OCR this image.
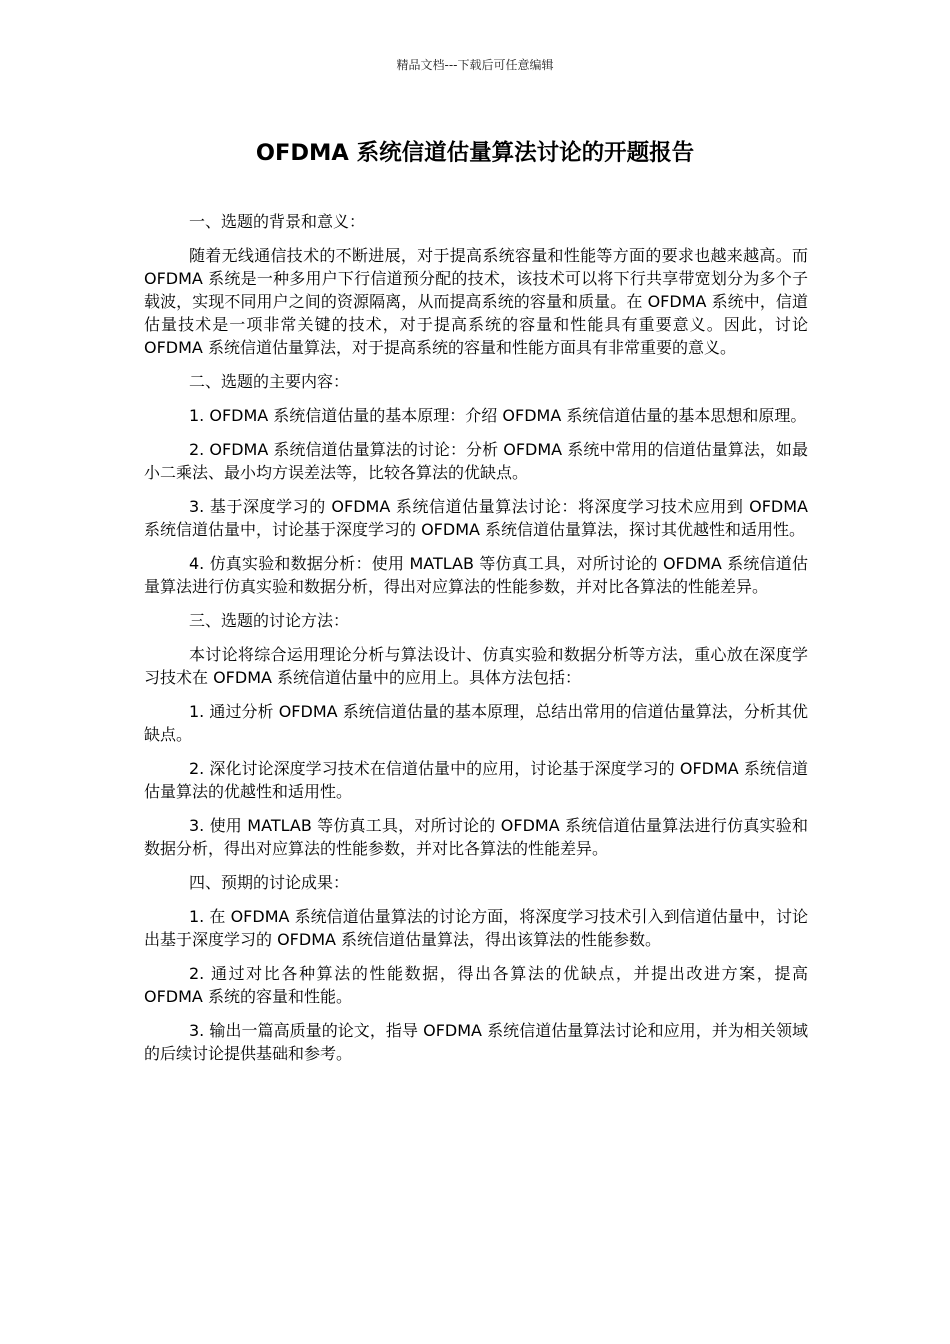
精品文档---下载后可任意编辑
OFDMA 系统信道估量算法讨论的开题报告

一、选题的背景和意义：

随着无线通信技术的不断进展，对于提高系统容量和性能等方面的要求也越来越高。而 OFDMA 系统是一种多用户下行信道预分配的技术，该技术可以将下行共享带宽划分为多个子载波，实现不同用户之间的资源隔离，从而提高系统的容量和质量。在 OFDMA 系统中，信道估量技术是一项非常关键的技术，对于提高系统的容量和性能具有重要意义。因此，讨论 OFDMA 系统信道估量算法，对于提高系统的容量和性能方面具有非常重要的意义。

二、选题的主要内容：

1. OFDMA 系统信道估量的基本原理：介绍 OFDMA 系统信道估量的基本思想和原理。

2. OFDMA 系统信道估量算法的讨论：分析 OFDMA 系统中常用的信道估量算法，如最小二乘法、最小均方误差法等，比较各算法的优缺点。

3. 基于深度学习的 OFDMA 系统信道估量算法讨论：将深度学习技术应用到 OFDMA 系统信道估量中，讨论基于深度学习的 OFDMA 系统信道估量算法，探讨其优越性和适用性。

4. 仿真实验和数据分析：使用 MATLAB 等仿真工具，对所讨论的 OFDMA 系统信道估量算法进行仿真实验和数据分析，得出对应算法的性能参数，并对比各算法的性能差异。

三、选题的讨论方法：

本讨论将综合运用理论分析与算法设计、仿真实验和数据分析等方法，重心放在深度学习技术在 OFDMA 系统信道估量中的应用上。具体方法包括：

1. 通过分析 OFDMA 系统信道估量的基本原理，总结出常用的信道估量算法，分析其优缺点。

2. 深化讨论深度学习技术在信道估量中的应用，讨论基于深度学习的 OFDMA 系统信道估量算法的优越性和适用性。

3. 使用 MATLAB 等仿真工具，对所讨论的 OFDMA 系统信道估量算法进行仿真实验和数据分析，得出对应算法的性能参数，并对比各算法的性能差异。

四、预期的讨论成果：

1. 在 OFDMA 系统信道估量算法的讨论方面，将深度学习技术引入到信道估量中，讨论出基于深度学习的 OFDMA 系统信道估量算法，得出该算法的性能参数。

2. 通过对比各种算法的性能数据，得出各算法的优缺点，并提出改进方案，提高 OFDMA 系统的容量和性能。

3. 输出一篇高质量的论文，指导 OFDMA 系统信道估量算法讨论和应用，并为相关领域的后续讨论提供基础和参考。
